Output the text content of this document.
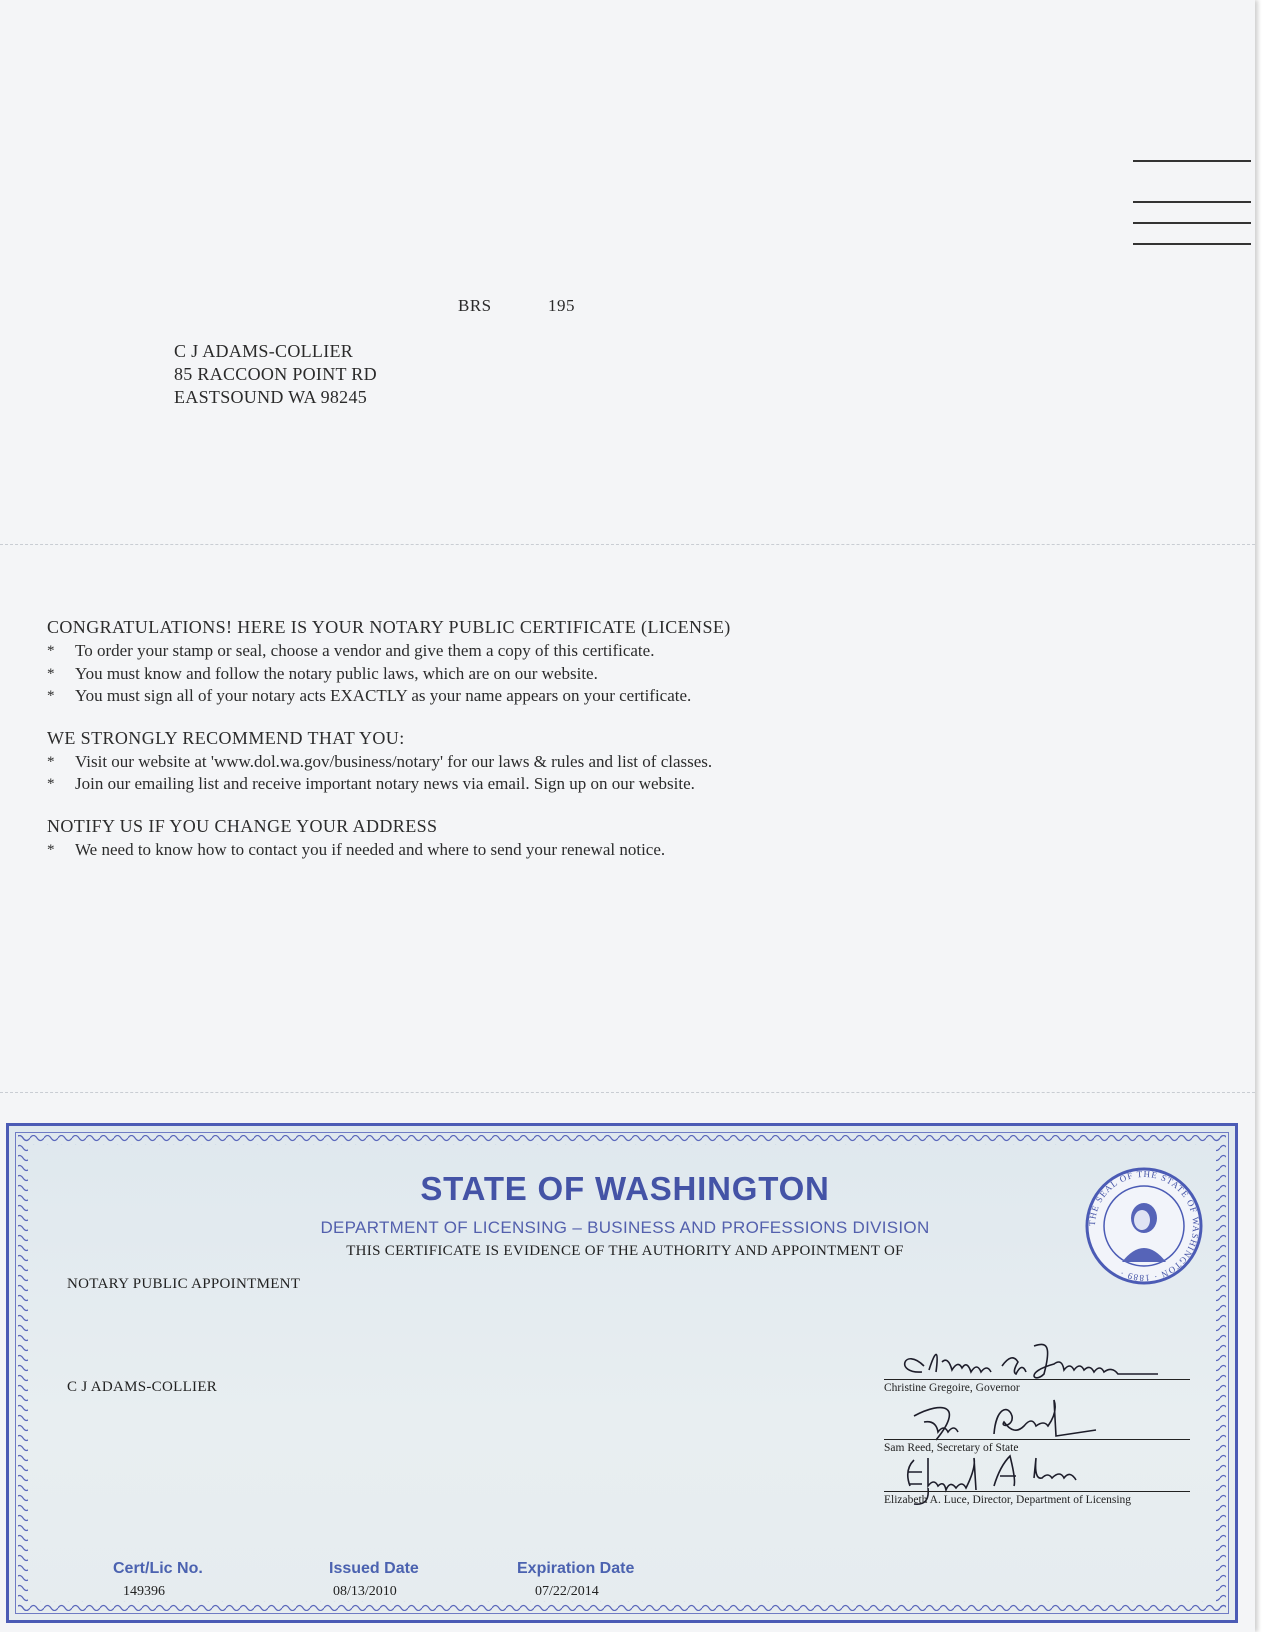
BRS	195
C J ADAMS-COLLIER
85 RACCOON POINT RD
EASTSOUND WA 98245
CONGRATULATIONS! HERE IS YOUR NOTARY PUBLIC CERTIFICATE (LICENSE)
* To order your stamp or seal, choose a vendor and give them a copy of this certificate.
* You must know and follow the notary public laws, which are on our website.
* You must sign all of your notary acts EXACTLY as your name appears on your certificate.
WE STRONGLY RECOMMEND THAT YOU:
* Visit our website at 'www.dol.wa.gov/business/notary' for our laws & rules and list of classes.
* Join our emailing list and receive important notary news via email. Sign up on our website.
NOTIFY US IF YOU CHANGE YOUR ADDRESS
* We need to know how to contact you if needed and where to send your renewal notice.
STATE OF WASHINGTON
DEPARTMENT OF LICENSING – BUSINESS AND PROFESSIONS DIVISION
THIS CERTIFICATE IS EVIDENCE OF THE AUTHORITY AND APPOINTMENT OF
NOTARY PUBLIC APPOINTMENT
C J ADAMS-COLLIER
THE SEAL OF THE STATE OF WASHINGTON · 1889 ·
Christine Gregoire, Governor
Sam Reed, Secretary of State
Elizabeth A. Luce, Director, Department of Licensing
Cert/Lic No.
149396
Issued Date
08/13/2010
Expiration Date
07/22/2014
